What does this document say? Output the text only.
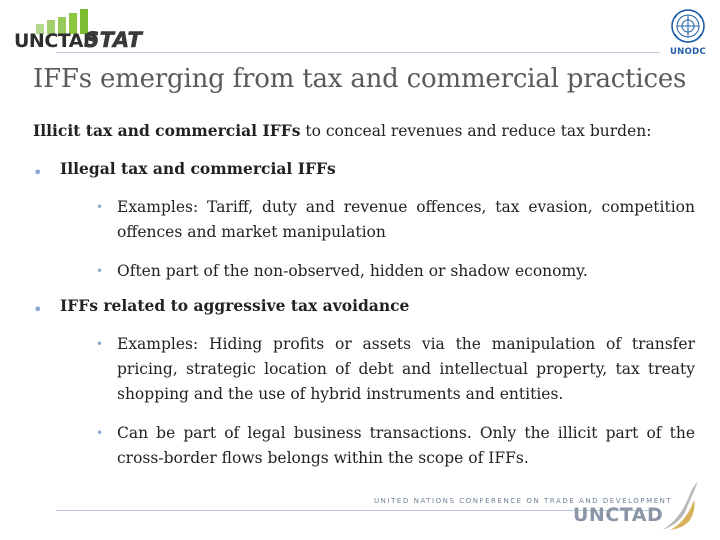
UNCTAD
STAT	UNODC
IFFs emerging from tax and commercial practices

Illicit tax and commercial IFFs to conceal revenues and reduce tax burden:

• Illegal tax and commercial IFFs
• Examples: Tariff, duty and revenue offences, tax evasion, competition offences and market manipulation
• Often part of the non-observed, hidden or shadow economy.
• IFFs related to aggressive tax avoidance
• Examples: Hiding profits or assets via the manipulation of transfer pricing, strategic location of debt and intellectual property, tax treaty shopping and the use of hybrid instruments and entities.
• Can be part of legal business transactions. Only the illicit part of the cross-border flows belongs within the scope of IFFs.
UNITED NATIONS CONFERENCE ON TRADE AND DEVELOPMENT
UNCTAD
